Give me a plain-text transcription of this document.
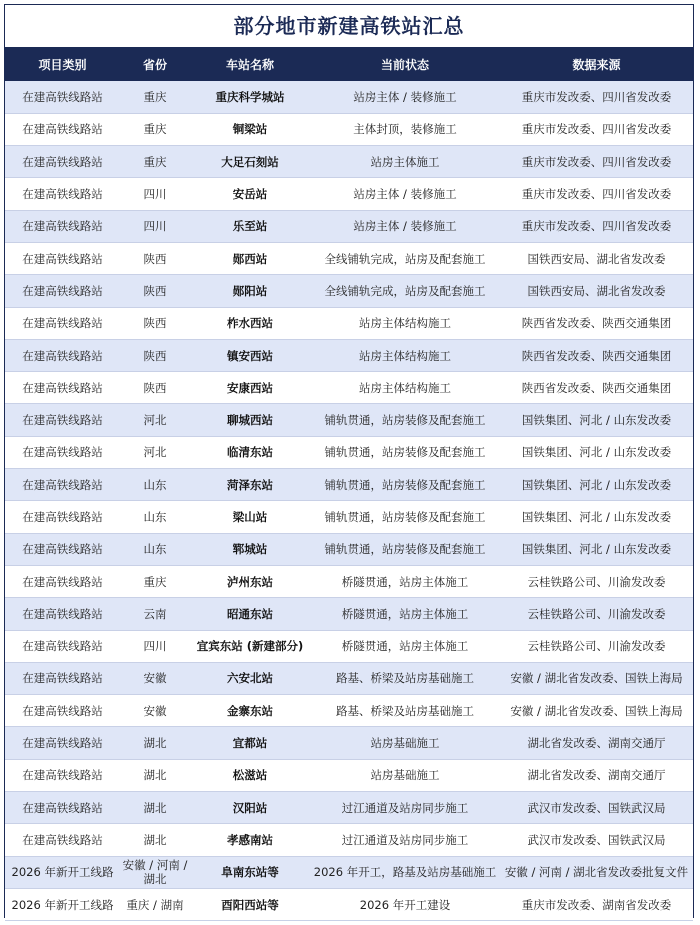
部分地市新建高铁站汇总
项目类别	省份	车站名称	当前状态	数据来源
在建高铁线路站	重庆	重庆科学城站	站房主体 / 装修施工	重庆市发改委、四川省发改委
在建高铁线路站	重庆	铜梁站	主体封顶，装修施工	重庆市发改委、四川省发改委
在建高铁线路站	重庆	大足石刻站	站房主体施工	重庆市发改委、四川省发改委
在建高铁线路站	四川	安岳站	站房主体 / 装修施工	重庆市发改委、四川省发改委
在建高铁线路站	四川	乐至站	站房主体 / 装修施工	重庆市发改委、四川省发改委
在建高铁线路站	陕西	郧西站	全线铺轨完成，站房及配套施工	国铁西安局、湖北省发改委
在建高铁线路站	陕西	郧阳站	全线铺轨完成，站房及配套施工	国铁西安局、湖北省发改委
在建高铁线路站	陕西	柞水西站	站房主体结构施工	陕西省发改委、陕西交通集团
在建高铁线路站	陕西	镇安西站	站房主体结构施工	陕西省发改委、陕西交通集团
在建高铁线路站	陕西	安康西站	站房主体结构施工	陕西省发改委、陕西交通集团
在建高铁线路站	河北	聊城西站	铺轨贯通，站房装修及配套施工	国铁集团、河北 / 山东发改委
在建高铁线路站	河北	临清东站	铺轨贯通，站房装修及配套施工	国铁集团、河北 / 山东发改委
在建高铁线路站	山东	菏泽东站	铺轨贯通，站房装修及配套施工	国铁集团、河北 / 山东发改委
在建高铁线路站	山东	梁山站	铺轨贯通，站房装修及配套施工	国铁集团、河北 / 山东发改委
在建高铁线路站	山东	郓城站	铺轨贯通，站房装修及配套施工	国铁集团、河北 / 山东发改委
在建高铁线路站	重庆	泸州东站	桥隧贯通，站房主体施工	云桂铁路公司、川渝发改委
在建高铁线路站	云南	昭通东站	桥隧贯通，站房主体施工	云桂铁路公司、川渝发改委
在建高铁线路站	四川	宜宾东站 (新建部分)	桥隧贯通，站房主体施工	云桂铁路公司、川渝发改委
在建高铁线路站	安徽	六安北站	路基、桥梁及站房基础施工	安徽 / 湖北省发改委、国铁上海局
在建高铁线路站	安徽	金寨东站	路基、桥梁及站房基础施工	安徽 / 湖北省发改委、国铁上海局
在建高铁线路站	湖北	宜都站	站房基础施工	湖北省发改委、湖南交通厅
在建高铁线路站	湖北	松滋站	站房基础施工	湖北省发改委、湖南交通厅
在建高铁线路站	湖北	汉阳站	过江通道及站房同步施工	武汉市发改委、国铁武汉局
在建高铁线路站	湖北	孝感南站	过江通道及站房同步施工	武汉市发改委、国铁武汉局
2026 年新开工线路	安徽 / 河南 / 湖北	阜南东站等	2026 年开工，路基及站房基础施工	安徽 / 河南 / 湖北省发改委批复文件
2026 年新开工线路	重庆 / 湖南	酉阳西站等	2026 年开工建设	重庆市发改委、湖南省发改委
